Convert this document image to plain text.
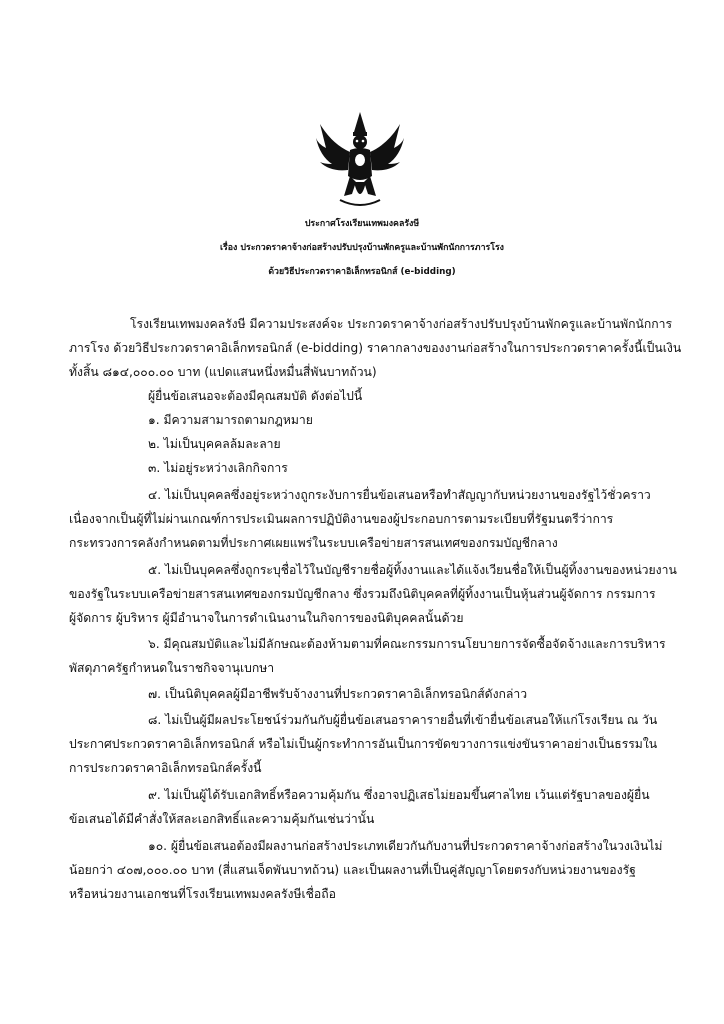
ประกาศโรงเรียนเทพมงคลรังษี
เรื่อง ประกวดราคาจ้างก่อสร้างปรับปรุงบ้านพักครูและบ้านพักนักการภารโรง
ด้วยวิธีประกวดราคาอิเล็กทรอนิกส์ (e-bidding)
โรงเรียนเทพมงคลรังษี มีความประสงค์จะ ประกวดราคาจ้างก่อสร้างปรับปรุงบ้านพักครูและบ้านพักนักการ
ภารโรง ด้วยวิธีประกวดราคาอิเล็กทรอนิกส์ (e-bidding) ราคากลางของงานก่อสร้างในการประกวดราคาครั้งนี้เป็นเงิน
ทั้งสิ้น ๘๑๔,๐๐๐.๐๐ บาท (แปดแสนหนึ่งหมื่นสี่พันบาทถ้วน)
ผู้ยื่นข้อเสนอจะต้องมีคุณสมบัติ ดังต่อไปนี้
๑. มีความสามารถตามกฎหมาย
๒. ไม่เป็นบุคคลล้มละลาย
๓. ไม่อยู่ระหว่างเลิกกิจการ
๔. ไม่เป็นบุคคลซึ่งอยู่ระหว่างถูกระงับการยื่นข้อเสนอหรือทำสัญญากับหน่วยงานของรัฐไว้ชั่วคราว
เนื่องจากเป็นผู้ที่ไม่ผ่านเกณฑ์การประเมินผลการปฏิบัติงานของผู้ประกอบการตามระเบียบที่รัฐมนตรีว่าการ
กระทรวงการคลังกำหนดตามที่ประกาศเผยแพร่ในระบบเครือข่ายสารสนเทศของกรมบัญชีกลาง
๕. ไม่เป็นบุคคลซึ่งถูกระบุชื่อไว้ในบัญชีรายชื่อผู้ทิ้งงานและได้แจ้งเวียนชื่อให้เป็นผู้ทิ้งงานของหน่วยงาน
ของรัฐในระบบเครือข่ายสารสนเทศของกรมบัญชีกลาง ซึ่งรวมถึงนิติบุคคลที่ผู้ทิ้งงานเป็นหุ้นส่วนผู้จัดการ กรรมการ
ผู้จัดการ ผู้บริหาร ผู้มีอำนาจในการดำเนินงานในกิจการของนิติบุคคลนั้นด้วย
๖. มีคุณสมบัติและไม่มีลักษณะต้องห้ามตามที่คณะกรรมการนโยบายการจัดซื้อจัดจ้างและการบริหาร
พัสดุภาครัฐกำหนดในราชกิจจานุเบกษา
๗. เป็นนิติบุคคลผู้มีอาชีพรับจ้างงานที่ประกวดราคาอิเล็กทรอนิกส์ดังกล่าว
๘. ไม่เป็นผู้มีผลประโยชน์ร่วมกันกับผู้ยื่นข้อเสนอราคารายอื่นที่เข้ายื่นข้อเสนอให้แก่โรงเรียน ณ วัน
ประกาศประกวดราคาอิเล็กทรอนิกส์ หรือไม่เป็นผู้กระทำการอันเป็นการขัดขวางการแข่งขันราคาอย่างเป็นธรรมใน
การประกวดราคาอิเล็กทรอนิกส์ครั้งนี้
๙. ไม่เป็นผู้ได้รับเอกสิทธิ์หรือความคุ้มกัน ซึ่งอาจปฏิเสธไม่ยอมขึ้นศาลไทย เว้นแต่รัฐบาลของผู้ยื่น
ข้อเสนอได้มีคำสั่งให้สละเอกสิทธิ์และความคุ้มกันเช่นว่านั้น
๑๐. ผู้ยื่นข้อเสนอต้องมีผลงานก่อสร้างประเภทเดียวกันกับงานที่ประกวดราคาจ้างก่อสร้างในวงเงินไม่
น้อยกว่า ๔๐๗,๐๐๐.๐๐ บาท (สี่แสนเจ็ดพันบาทถ้วน) และเป็นผลงานที่เป็นคู่สัญญาโดยตรงกับหน่วยงานของรัฐ
หรือหน่วยงานเอกชนที่โรงเรียนเทพมงคลรังษีเชื่อถือ
